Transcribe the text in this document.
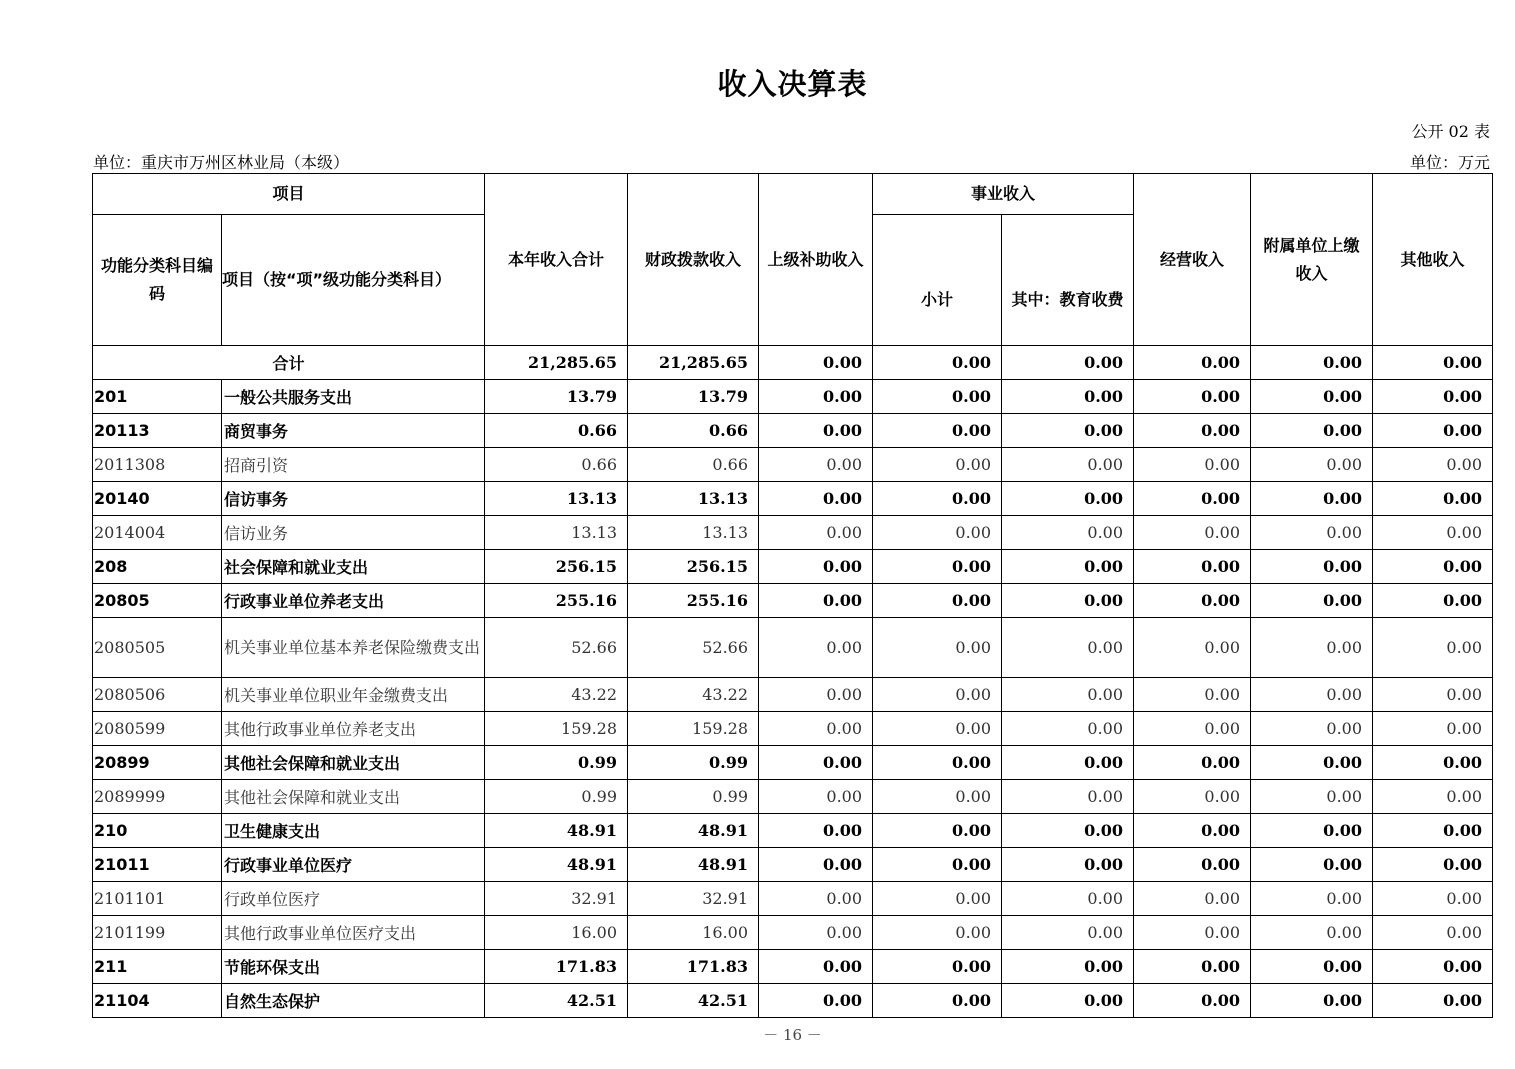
收入决算表
公开 02 表
单位：重庆市万州区林业局（本级）	单位：万元
项目		本年收入合计	财政拨款收入	上级补助收入	事业收入		经营收入	附属单位上缴收入	其他收入
功能分类科目编码	项目（按“项”级功能分类科目）				小计	其中：教育收费			
合计		21,285.65	21,285.65	0.00	0.00	0.00	0.00	0.00	0.00
201	一般公共服务支出	13.79	13.79	0.00	0.00	0.00	0.00	0.00	0.00
20113	商贸事务	0.66	0.66	0.00	0.00	0.00	0.00	0.00	0.00
2011308	招商引资	0.66	0.66	0.00	0.00	0.00	0.00	0.00	0.00
20140	信访事务	13.13	13.13	0.00	0.00	0.00	0.00	0.00	0.00
2014004	信访业务	13.13	13.13	0.00	0.00	0.00	0.00	0.00	0.00
208	社会保障和就业支出	256.15	256.15	0.00	0.00	0.00	0.00	0.00	0.00
20805	行政事业单位养老支出	255.16	255.16	0.00	0.00	0.00	0.00	0.00	0.00
2080505	机关事业单位基本养老保险缴费支出	52.66	52.66	0.00	0.00	0.00	0.00	0.00	0.00
2080506	机关事业单位职业年金缴费支出	43.22	43.22	0.00	0.00	0.00	0.00	0.00	0.00
2080599	其他行政事业单位养老支出	159.28	159.28	0.00	0.00	0.00	0.00	0.00	0.00
20899	其他社会保障和就业支出	0.99	0.99	0.00	0.00	0.00	0.00	0.00	0.00
2089999	其他社会保障和就业支出	0.99	0.99	0.00	0.00	0.00	0.00	0.00	0.00
210	卫生健康支出	48.91	48.91	0.00	0.00	0.00	0.00	0.00	0.00
21011	行政事业单位医疗	48.91	48.91	0.00	0.00	0.00	0.00	0.00	0.00
2101101	行政单位医疗	32.91	32.91	0.00	0.00	0.00	0.00	0.00	0.00
2101199	其他行政事业单位医疗支出	16.00	16.00	0.00	0.00	0.00	0.00	0.00	0.00
211	节能环保支出	171.83	171.83	0.00	0.00	0.00	0.00	0.00	0.00
21104	自然生态保护	42.51	42.51	0.00	0.00	0.00	0.00	0.00	0.00
－ 16 －
